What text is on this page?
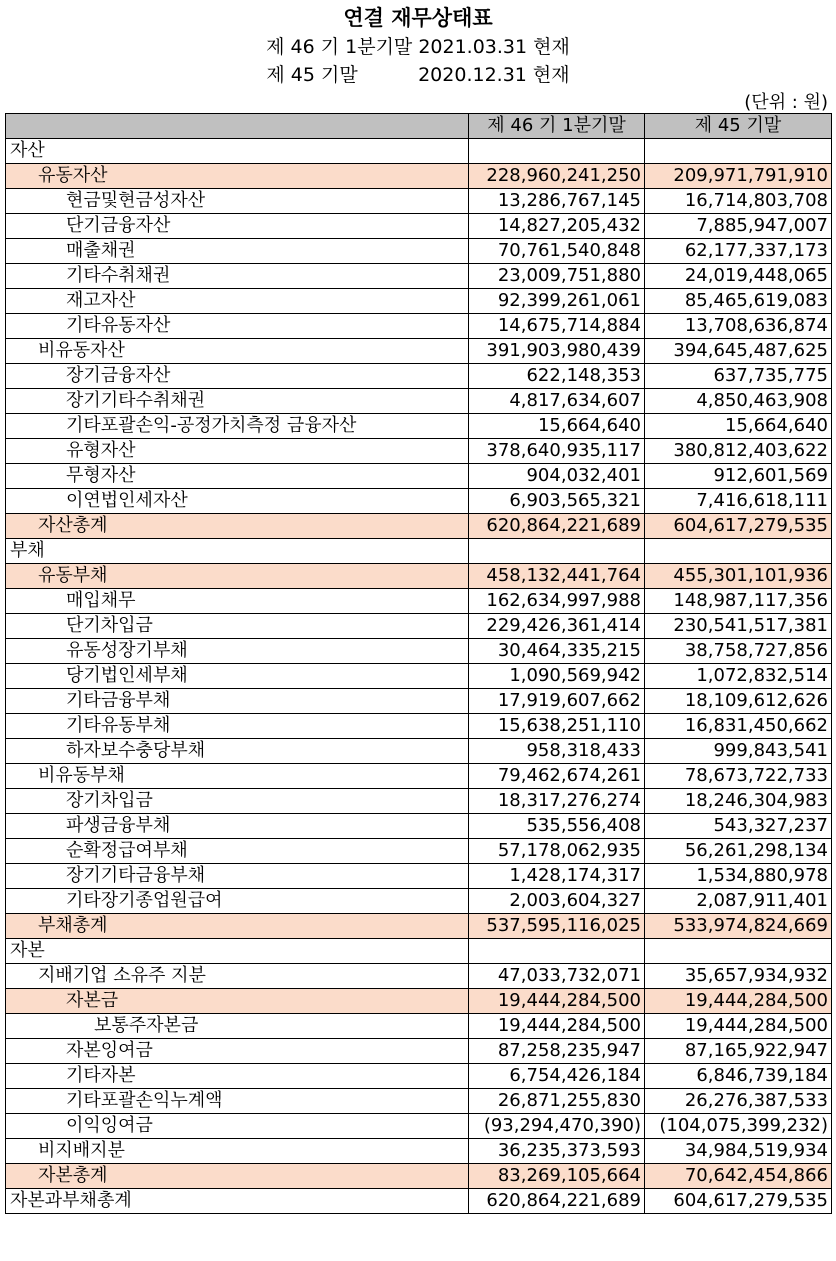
연결 재무상태표
제 46 기 1분기말 2021.03.31 현재
제 45 기말          2020.12.31 현재
(단위 : 원)
	제 46 기 1분기말	제 45 기말
자산		
유동자산	228,960,241,250	209,971,791,910
현금및현금성자산	13,286,767,145	16,714,803,708
단기금융자산	14,827,205,432	7,885,947,007
매출채권	70,761,540,848	62,177,337,173
기타수취채권	23,009,751,880	24,019,448,065
재고자산	92,399,261,061	85,465,619,083
기타유동자산	14,675,714,884	13,708,636,874
비유동자산	391,903,980,439	394,645,487,625
장기금융자산	622,148,353	637,735,775
장기기타수취채권	4,817,634,607	4,850,463,908
기타포괄손익-공정가치측정 금융자산	15,664,640	15,664,640
유형자산	378,640,935,117	380,812,403,622
무형자산	904,032,401	912,601,569
이연법인세자산	6,903,565,321	7,416,618,111
자산총계	620,864,221,689	604,617,279,535
부채		
유동부채	458,132,441,764	455,301,101,936
매입채무	162,634,997,988	148,987,117,356
단기차입금	229,426,361,414	230,541,517,381
유동성장기부채	30,464,335,215	38,758,727,856
당기법인세부채	1,090,569,942	1,072,832,514
기타금융부채	17,919,607,662	18,109,612,626
기타유동부채	15,638,251,110	16,831,450,662
하자보수충당부채	958,318,433	999,843,541
비유동부채	79,462,674,261	78,673,722,733
장기차입금	18,317,276,274	18,246,304,983
파생금융부채	535,556,408	543,327,237
순확정급여부채	57,178,062,935	56,261,298,134
장기기타금융부채	1,428,174,317	1,534,880,978
기타장기종업원급여	2,003,604,327	2,087,911,401
부채총계	537,595,116,025	533,974,824,669
자본		
지배기업 소유주 지분	47,033,732,071	35,657,934,932
자본금	19,444,284,500	19,444,284,500
보통주자본금	19,444,284,500	19,444,284,500
자본잉여금	87,258,235,947	87,165,922,947
기타자본	6,754,426,184	6,846,739,184
기타포괄손익누계액	26,871,255,830	26,276,387,533
이익잉여금	(93,294,470,390)	(104,075,399,232)
비지배지분	36,235,373,593	34,984,519,934
자본총계	83,269,105,664	70,642,454,866
자본과부채총계	620,864,221,689	604,617,279,535
